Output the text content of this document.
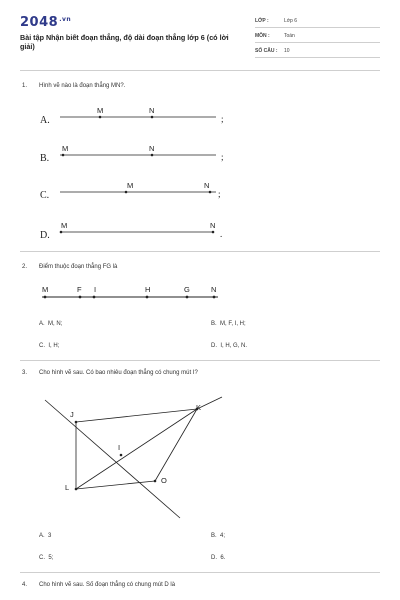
$2048^{.vn}$
Bài tập Nhận biết đoạn thẳng, độ dài đoạn thẳng lớp 6 (có lời giải)
LỚP :	Lớp 6
MÔN :	Toán
SỐ CÂU : 10
1. Hình vẽ nào là đoạn thẳng MN?.
A.
M	N
;
B.
M	N
;
C.
M	N
;
D.
M	N
.
2. Điểm thuộc đoạn thẳng FG là
M	F I	H	G	N
A. M, N;	B. M, F, I, H;
C. I, H;	D. I, H, G, N.
3. Cho hình vẽ sau. Có bao nhiêu đoạn thẳng có chung mút I?
J
K
I
L
O
A. 3	B. 4;
C. 5;	D. 6.
4. Cho hình vẽ sau. Số đoạn thẳng có chung mút D là
